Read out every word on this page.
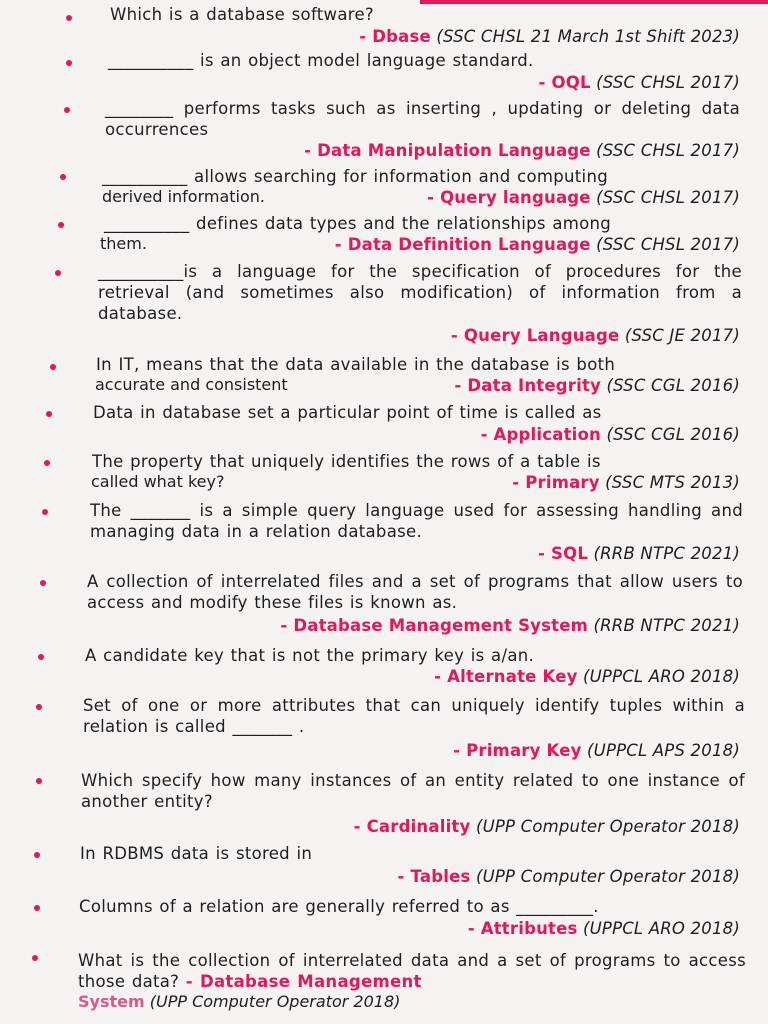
Which is a database software?

- Dbase (SSC CHSL 21 March 1st Shift 2023)

__________ is an object model language standard.

- OQL (SSC CHSL 2017)

________ performs tasks such as inserting , updating or deleting data occurrences

- Data Manipulation Language (SSC CHSL 2017)

__________ allows searching for information and computing

derived information.	- Query language (SSC CHSL 2017)

__________ defines data types and the relationships among

them.	- Data Definition Language (SSC CHSL 2017)

__________is a language for the specification of procedures for the retrieval (and sometimes also modification) of information from a database.

- Query Language (SSC JE 2017)

In IT, means that the data available in the database is both

accurate and consistent	- Data Integrity (SSC CGL 2016)

Data in database set a particular point of time is called as

- Application (SSC CGL 2016)

The property that uniquely identifies the rows of a table is

called what key?	- Primary (SSC MTS 2013)

The _______ is a simple query language used for assessing handling and managing data in a relation database.

- SQL (RRB NTPC 2021)

A collection of interrelated files and a set of programs that allow users to access and modify these files is known as.

- Database Management System (RRB NTPC 2021)

A candidate key that is not the primary key is a/an.

- Alternate Key (UPPCL ARO 2018)

Set of one or more attributes that can uniquely identify tuples within a relation is called _______ .

- Primary Key (UPPCL APS 2018)

Which specify how many instances of an entity related to one instance of another entity?

- Cardinality (UPP Computer Operator 2018)

In RDBMS data is stored in

- Tables (UPP Computer Operator 2018)

Columns of a relation are generally referred to as _________.

- Attributes (UPPCL ARO 2018)

What is the collection of interrelated data and a set of programs to access those data? - Database Management

System (UPP Computer Operator 2018)
